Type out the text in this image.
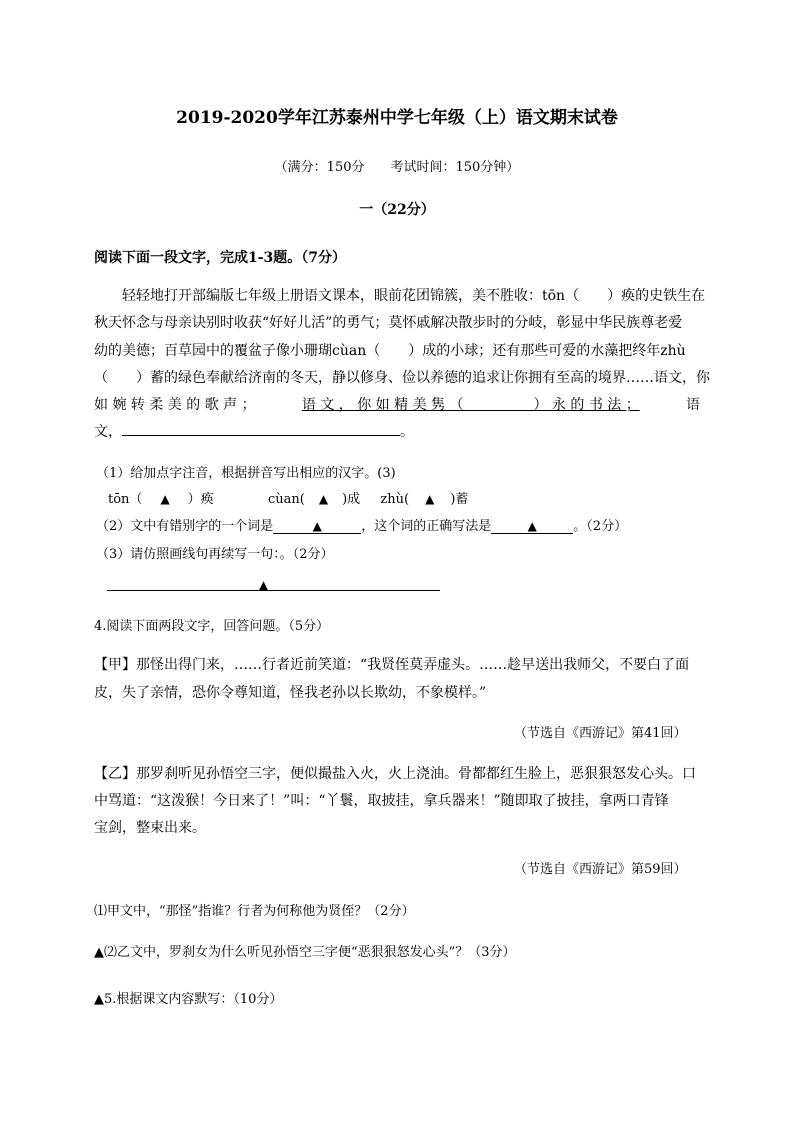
2019-2020学年江苏泰州中学七年级（上）语文期末试卷
（满分：150分　　考试时间：150分钟）
一（22分）
阅读下面一段文字，完成1-3题。（7分）
　　轻轻地打开部编版七年级上册语文课本，眼前花团锦簇，美不胜收：tōn（　　）痪的史铁生在
秋天怀念与母亲诀别时收获“好好儿活”的勇气；莫怀戚解决散步时的分岐，彰显中华民族尊老爱
幼的美德；百草园中的覆盆子像小珊瑚cùan（　　）成的小球；还有那些可爱的水藻把终年zhù
（　　）蓄的绿色奉献给济南的冬天，静以修身、俭以养德的追求让你拥有至高的境界……语文，你
如 婉 转 柔 美 的 歌 声 ；	语 文 ， 你 如 精 美 隽 （　　　　　） 永 的 书 法 ；	语
文，	。
（1）给加点字注音，根据拼音写出相应的汉字。(3)
tōn（ ▲ ）痪	cùan( ▲ )成 zhù( ▲ )蓄
（2）文中有错别字的一个词是	▲	，这个词的正确写法是	▲	。（2分）
（3）请仿照画线句再续写一句：。（2分）
▲
4.阅读下面两段文字，回答问题。（5分）
【甲】那怪出得门来，……行者近前笑道：“我贤侄莫弄虚头。……趁早送出我师父，不要白了面
皮，失了亲情，恐你令尊知道，怪我老孙以长欺幼，不象模样。”
（节选自《西游记》第41回）
【乙】那罗刹听见孙悟空三字，便似撮盐入火，火上浇油。骨都都红生脸上，恶狠狠怒发心头。口
中骂道：“这泼猴！今日来了！”叫：“丫鬟，取披挂，拿兵器来！”随即取了披挂，拿两口青锋
宝剑，整束出来。
（节选自《西游记》第59回）
⑴甲文中，“那怪”指谁？行者为何称他为贤侄？（2分）
▲⑵乙文中，罗刹女为什么听见孙悟空三字便“恶狠狠怒发心头”？（3分）
▲5.根据课文内容默写：（10分）
